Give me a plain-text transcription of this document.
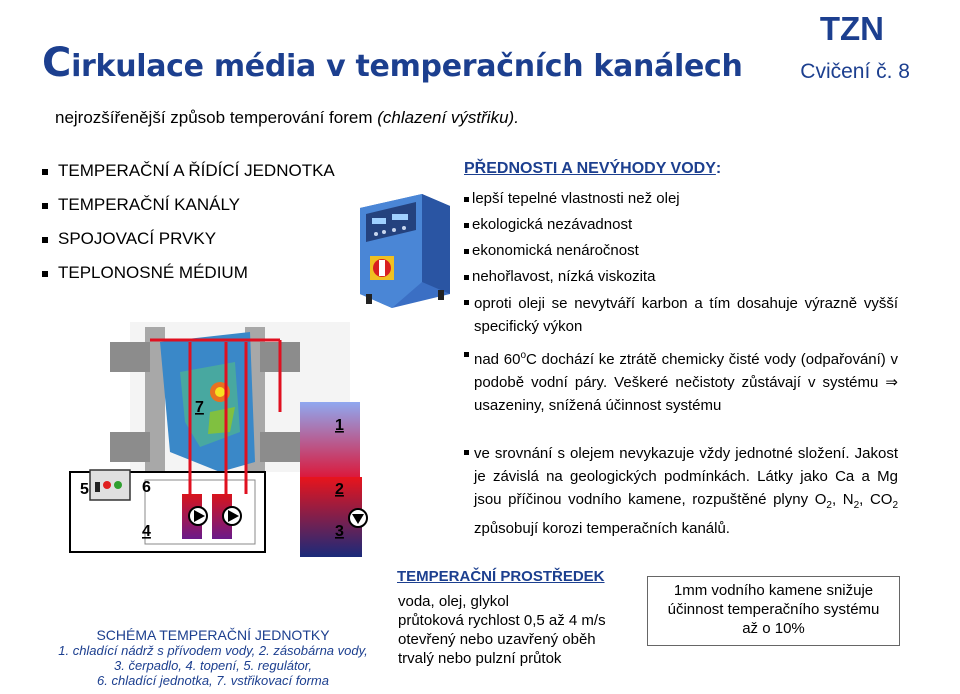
Cirkulace média v temperačních kanálech
TZN
Cvičení č. 8
nejrozšířenější způsob temperování forem (chlazení výstřiku).
TEMPERAČNÍ A ŘÍDÍCÍ JEDNOTKA
TEMPERAČNÍ KANÁLY
SPOJOVACÍ PRVKY
TEPLONOSNÉ MÉDIUM
5	6
4
7
1
2
3
PŘEDNOSTI A NEVÝHODY VODY:
lepší tepelné vlastnosti než olej
ekologická nezávadnost
ekonomická nenáročnost
nehořlavost, nízká viskozita
oproti oleji se nevytváří karbon a tím dosahuje výrazně vyšší specifický výkon
nad 60$^o$C dochází ke ztrátě chemicky čisté vody (odpařování) v podobě vodní páry. Veškeré nečistoty zůstávají v systému ⇒ usazeniny, snížená účinnost systému
ve srovnání s olejem nevykazuje vždy jednotné složení. Jakost je závislá na geologických podmínkách. Látky jako Ca a Mg jsou příčinou vodního kamene, rozpuštěné plyny $O_2$, $N_2$, $CO_2$ způsobují korozi temperačních kanálů.
TEMPERAČNÍ PROSTŘEDEK
voda, olej, glykol
průtoková rychlost 0,5 až 4 m/s
otevřený nebo uzavřený oběh
trvalý nebo pulzní průtok
1mm vodního kamene snižuje
účinnost temperačního systému
až o 10%
SCHÉMA TEMPERAČNÍ JEDNOTKY
1. chladící nádrž s přívodem vody, 2. zásobárna vody,
3. čerpadlo, 4. topení, 5. regulátor,
6. chladící jednotka, 7. vstřikovací forma
